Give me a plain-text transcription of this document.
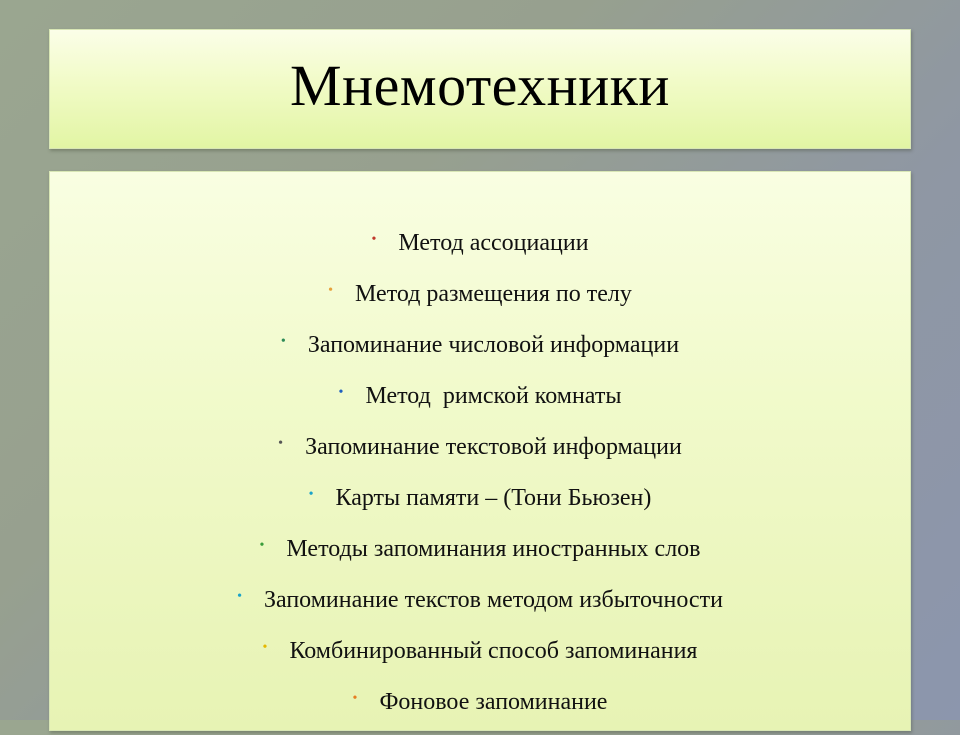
Мнемотехники
• Метод ассоциации
• Метод размещения по телу
• Запоминание числовой информации
• Метод  римской комнаты
• Запоминание текстовой информации
• Карты памяти – (Тони Бьюзен)
• Методы запоминания иностранных слов
• Запоминание текстов методом избыточности
• Комбинированный способ запоминания
• Фоновое запоминание
